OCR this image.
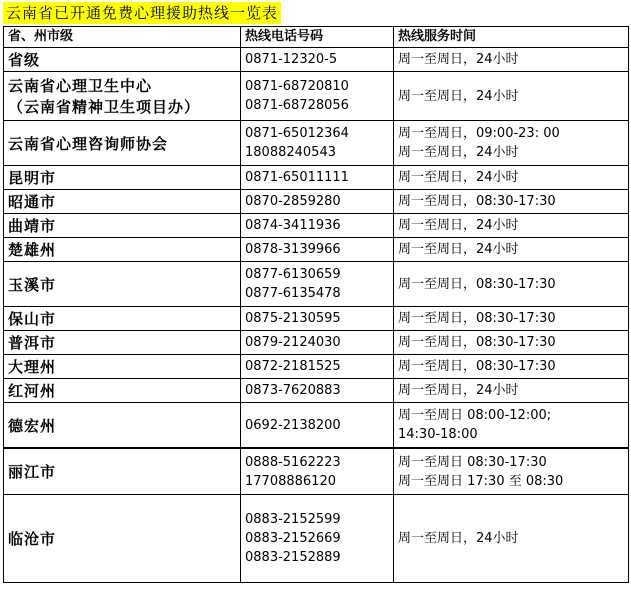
云南省已开通免费心理援助热线一览表
省、州市级	热线电话号码	热线服务时间

省级	0871-12320-5	周一至周日，24小时

云南省心理卫生中心
（云南省精神卫生项目办）	0871-68720810
0871-68728056	周一至周日，24小时

云南省心理咨询师协会	0871-65012364
18088240543	周一至周日，09:00-23: 00
周一至周日，24小时

昆明市	0871-65011111	周一至周日，24小时

昭通市	0870-2859280	周一至周日，08:30-17:30

曲靖市	0874-3411936	周一至周日，24小时

楚雄州	0878-3139966	周一至周日，24小时

玉溪市	0877-6130659
0877-6135478	周一至周日，08:30-17:30

保山市	0875-2130595	周一至周日，08:30-17:30

普洱市	0879-2124030	周一至周日，08:30-17:30

大理州	0872-2181525	周一至周日，08:30-17:30

红河州	0873-7620883	周一至周日，24小时

德宏州	0692-2138200	周一至周日 08:00-12:00;
14:30-18:00

丽江市	0888-5162223
17708886120	周一至周日 08:30-17:30
周一至周日 17:30 至 08:30

临沧市	0883-2152599
0883-2152669
0883-2152889	周一至周日，24小时
